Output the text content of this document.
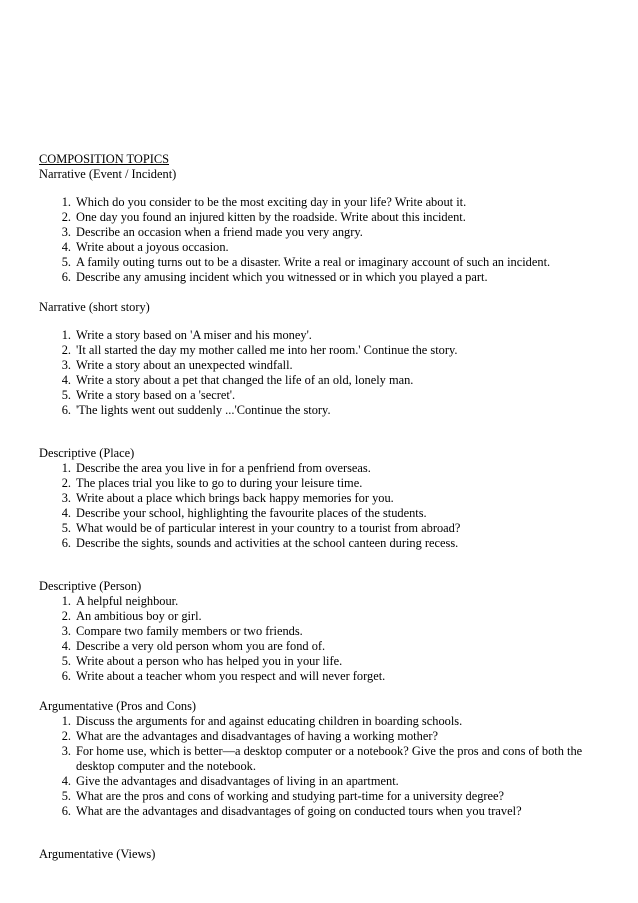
COMPOSITION TOPICS

Narrative (Event / Incident)

1. Which do you consider to be the most exciting day in your life? Write about it.
2. One day you found an injured kitten by the roadside. Write about this incident.
3. Describe an occasion when a friend made you very angry.
4. Write about a joyous occasion.
5. A family outing turns out to be a disaster. Write a real or imaginary account of such an incident.
6. Describe any amusing incident which you witnessed or in which you played a part.

Narrative (short story)

1. Write a story based on 'A miser and his money'.
2. 'It all started the day my mother called me into her room.' Continue the story.
3. Write a story about an unexpected windfall.
4. Write a story about a pet that changed the life of an old, lonely man.
5. Write a story based on a 'secret'.
6. 'The lights went out suddenly ...'Continue the story.

Descriptive (Place)

1. Describe the area you live in for a penfriend from overseas.
2. The places trial you like to go to during your leisure time.
3. Write about a place which brings back happy memories for you.
4. Describe your school, highlighting the favourite places of the students.
5. What would be of particular interest in your country to a tourist from abroad?
6. Describe the sights, sounds and activities at the school canteen during recess.

Descriptive (Person)

1. A helpful neighbour.
2. An ambitious boy or girl.
3. Compare two family members or two friends.
4. Describe a very old person whom you are fond of.
5. Write about a person who has helped you in your life.
6. Write about a teacher whom you respect and will never forget.

Argumentative (Pros and Cons)

1. Discuss the arguments for and against educating children in boarding schools.
2. What are the advantages and disadvantages of having a working mother?
3. For home use, which is better—a desktop computer or a notebook? Give the pros and cons of both the desktop computer and the notebook.
4. Give the advantages and disadvantages of living in an apartment.
5. What are the pros and cons of working and studying part-time for a university degree?
6. What are the advantages and disadvantages of going on conducted tours when you travel?

Argumentative (Views)
